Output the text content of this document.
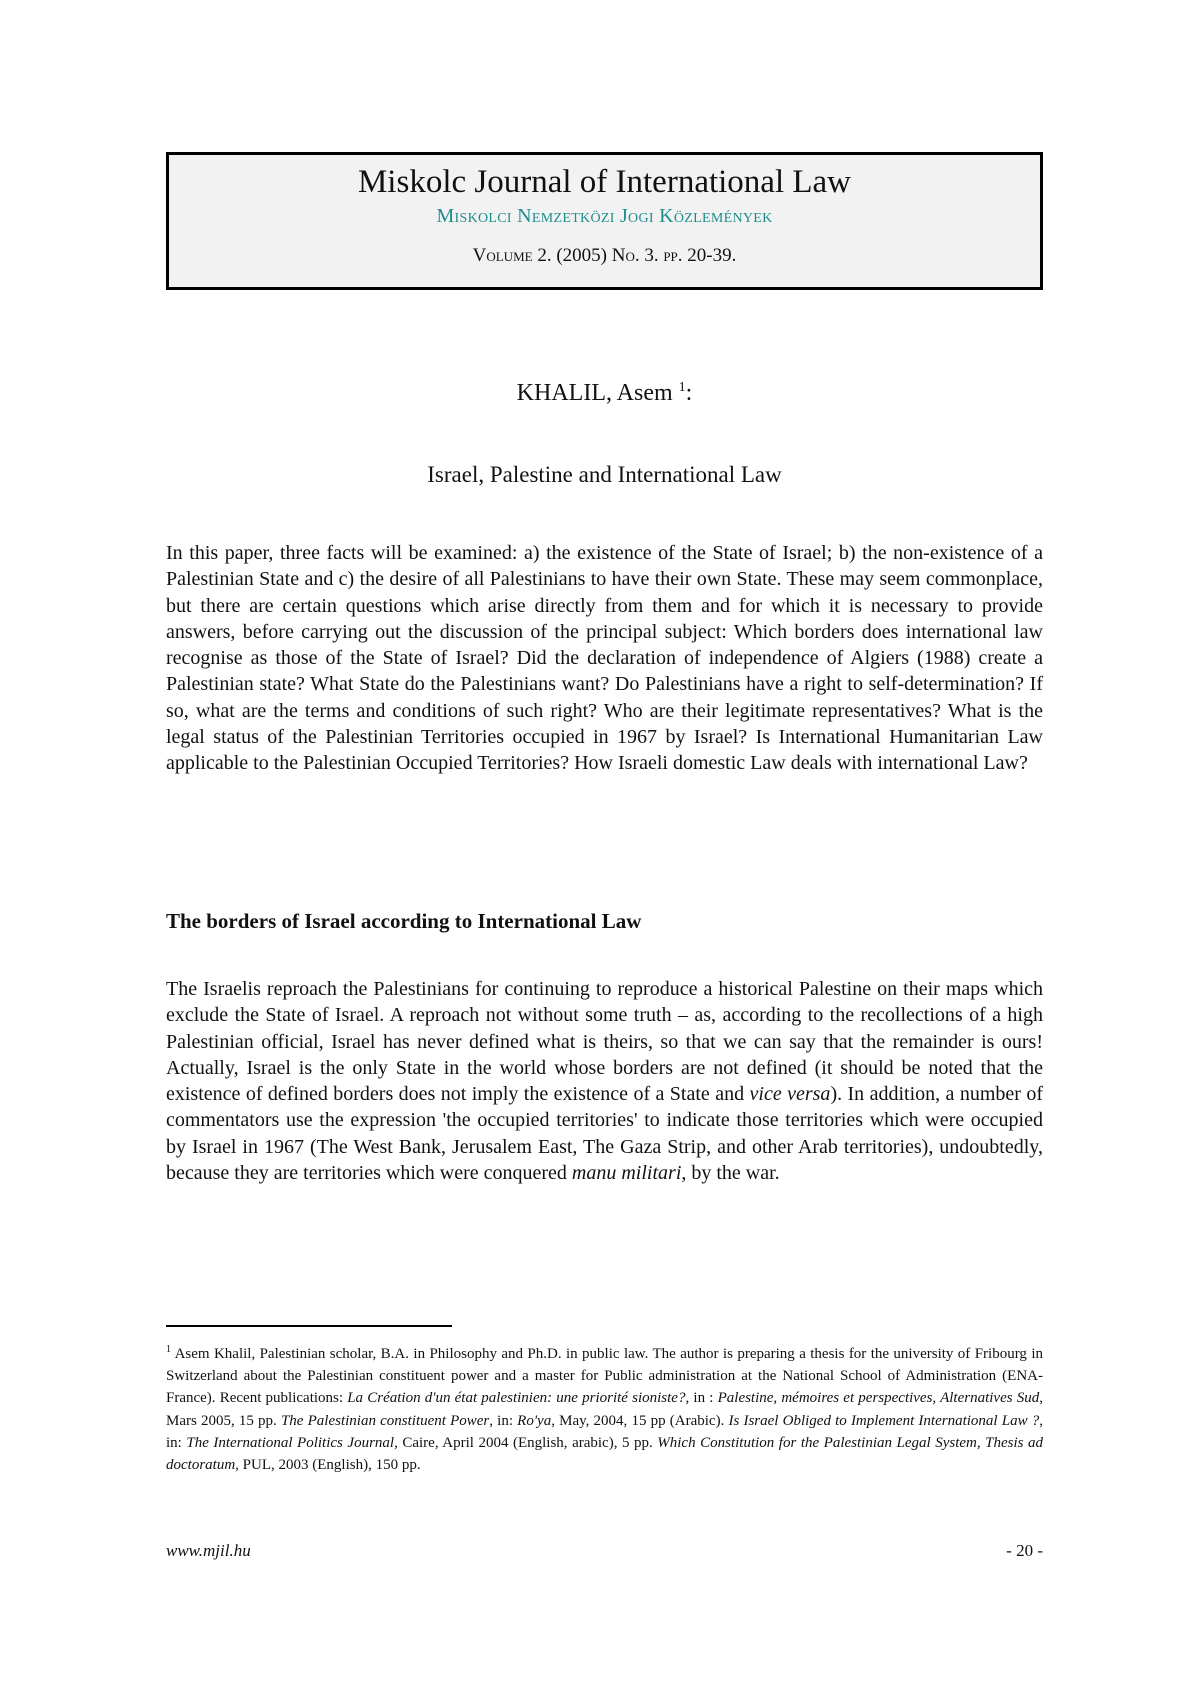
Miskolc Journal of International Law
Miskolci Nemzetközi Jogi Közlemények
Volume 2. (2005) No. 3. pp. 20-39.
KHALIL, Asem $^1$:
Israel, Palestine and International Law

In this paper, three facts will be examined: a) the existence of the State of Israel; b) the non-existence of a Palestinian State and c) the desire of all Palestinians to have their own State. These may seem commonplace, but there are certain questions which arise directly from them and for which it is necessary to provide answers, before carrying out the discussion of the principal subject: Which borders does international law recognise as those of the State of Israel? Did the declaration of independence of Algiers (1988) create a Palestinian state? What State do the Palestinians want? Do Palestinians have a right to self-determination? If so, what are the terms and conditions of such right? Who are their legitimate representatives? What is the legal status of the Palestinian Territories occupied in 1967 by Israel? Is International Humanitarian Law applicable to the Palestinian Occupied Territories? How Israeli domestic Law deals with international Law?

The borders of Israel according to International Law

The Israelis reproach the Palestinians for continuing to reproduce a historical Palestine on their maps which exclude the State of Israel. A reproach not without some truth – as, according to the recollections of a high Palestinian official, Israel has never defined what is theirs, so that we can say that the remainder is ours! Actually, Israel is the only State in the world whose borders are not defined (it should be noted that the existence of defined borders does not imply the existence of a State and vice versa). In addition, a number of commentators use the expression 'the occupied territories' to indicate those territories which were occupied by Israel in 1967 (The West Bank, Jerusalem East, The Gaza Strip, and other Arab territories), undoubtedly, because they are territories which were conquered manu militari, by the war.

$^1$ Asem Khalil, Palestinian scholar, B.A. in Philosophy and Ph.D. in public law. The author is preparing a thesis for the university of Fribourg in Switzerland about the Palestinian constituent power and a master for Public administration at the National School of Administration (ENA- France). Recent publications: La Création d'un état palestinien: une priorité sioniste?, in : Palestine, mémoires et perspectives, Alternatives Sud, Mars 2005, 15 pp. The Palestinian constituent Power, in: Ro'ya, May, 2004, 15 pp (Arabic). Is Israel Obliged to Implement International Law ?, in: The International Politics Journal, Caire, April 2004 (English, arabic), 5 pp. Which Constitution for the Palestinian Legal System, Thesis ad doctoratum, PUL, 2003 (English), 150 pp.

www.mjil.hu	- 20 -
